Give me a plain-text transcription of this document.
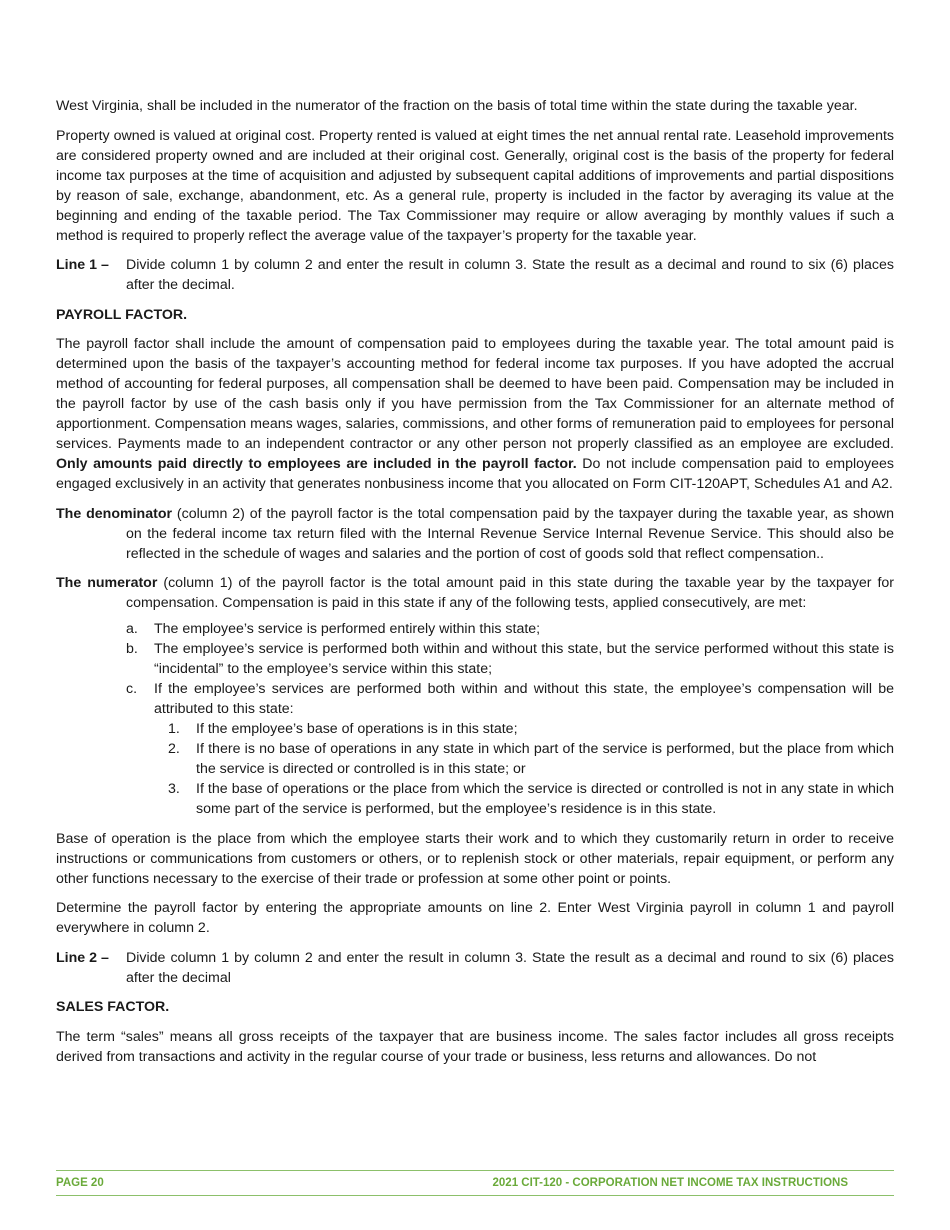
West Virginia, shall be included in the numerator of the fraction on the basis of total time within the state during the taxable year.

Property owned is valued at original cost. Property rented is valued at eight times the net annual rental rate. Leasehold improvements are considered property owned and are included at their original cost. Generally, original cost is the basis of the property for federal income tax purposes at the time of acquisition and adjusted by subsequent capital additions of improvements and partial dispositions by reason of sale, exchange, abandonment, etc. As a general rule, property is included in the factor by averaging its value at the beginning and ending of the taxable period. The Tax Commissioner may require or allow averaging by monthly values if such a method is required to properly reflect the average value of the taxpayer’s property for the taxable year.

Line 1 –	Divide column 1 by column 2 and enter the result in column 3. State the result as a decimal and round to six (6) places after the decimal.
PAYROLL FACTOR.

The payroll factor shall include the amount of compensation paid to employees during the taxable year. The total amount paid is determined upon the basis of the taxpayer’s accounting method for federal income tax purposes. If you have adopted the accrual method of accounting for federal purposes, all compensation shall be deemed to have been paid. Compensation may be included in the payroll factor by use of the cash basis only if you have permission from the Tax Commissioner for an alternate method of apportionment. Compensation means wages, salaries, commissions, and other forms of remuneration paid to employees for personal services. Payments made to an independent contractor or any other person not properly classified as an employee are excluded. Only amounts paid directly to employees are included in the payroll factor. Do not include compensation paid to employees engaged exclusively in an activity that generates nonbusiness income that you allocated on Form CIT-120APT, Schedules A1 and A2.

The denominator (column 2) of the payroll factor is the total compensation paid by the taxpayer during the taxable year, as shown on the federal income tax return filed with the Internal Revenue Service Internal Revenue Service. This should also be reflected in the schedule of wages and salaries and the portion of cost of goods sold that reflect compensation..
The numerator (column 1) of the payroll factor is the total amount paid in this state during the taxable year by the taxpayer for compensation. Compensation is paid in this state if any of the following tests, applied consecutively, are met:
a.	The employee’s service is performed entirely within this state;
b.	The employee’s service is performed both within and without this state, but the service performed without this state is “incidental” to the employee’s service within this state;
c.	If the employee’s services are performed both within and without this state, the employee’s compensation will be attributed to this state:
1.	If the employee’s base of operations is in this state;
2.	If there is no base of operations in any state in which part of the service is performed, but the place from which the service is directed or controlled is in this state; or
3.	If the base of operations or the place from which the service is directed or controlled is not in any state in which some part of the service is performed, but the employee’s residence is in this state.

Base of operation is the place from which the employee starts their work and to which they customarily return in order to receive instructions or communications from customers or others, or to replenish stock or other materials, repair equipment, or perform any other functions necessary to the exercise of their trade or profession at some other point or points.

Determine the payroll factor by entering the appropriate amounts on line 2. Enter West Virginia payroll in column 1 and payroll everywhere in column 2.

Line 2 –	Divide column 1 by column 2 and enter the result in column 3. State the result as a decimal and round to six (6) places after the decimal
SALES FACTOR.

The term “sales” means all gross receipts of the taxpayer that are business income. The sales factor includes all gross receipts derived from transactions and activity in the regular course of your trade or business, less returns and allowances. Do not

PAGE 20	2021 CIT-120 - CORPORATION NET INCOME TAX INSTRUCTIONS
